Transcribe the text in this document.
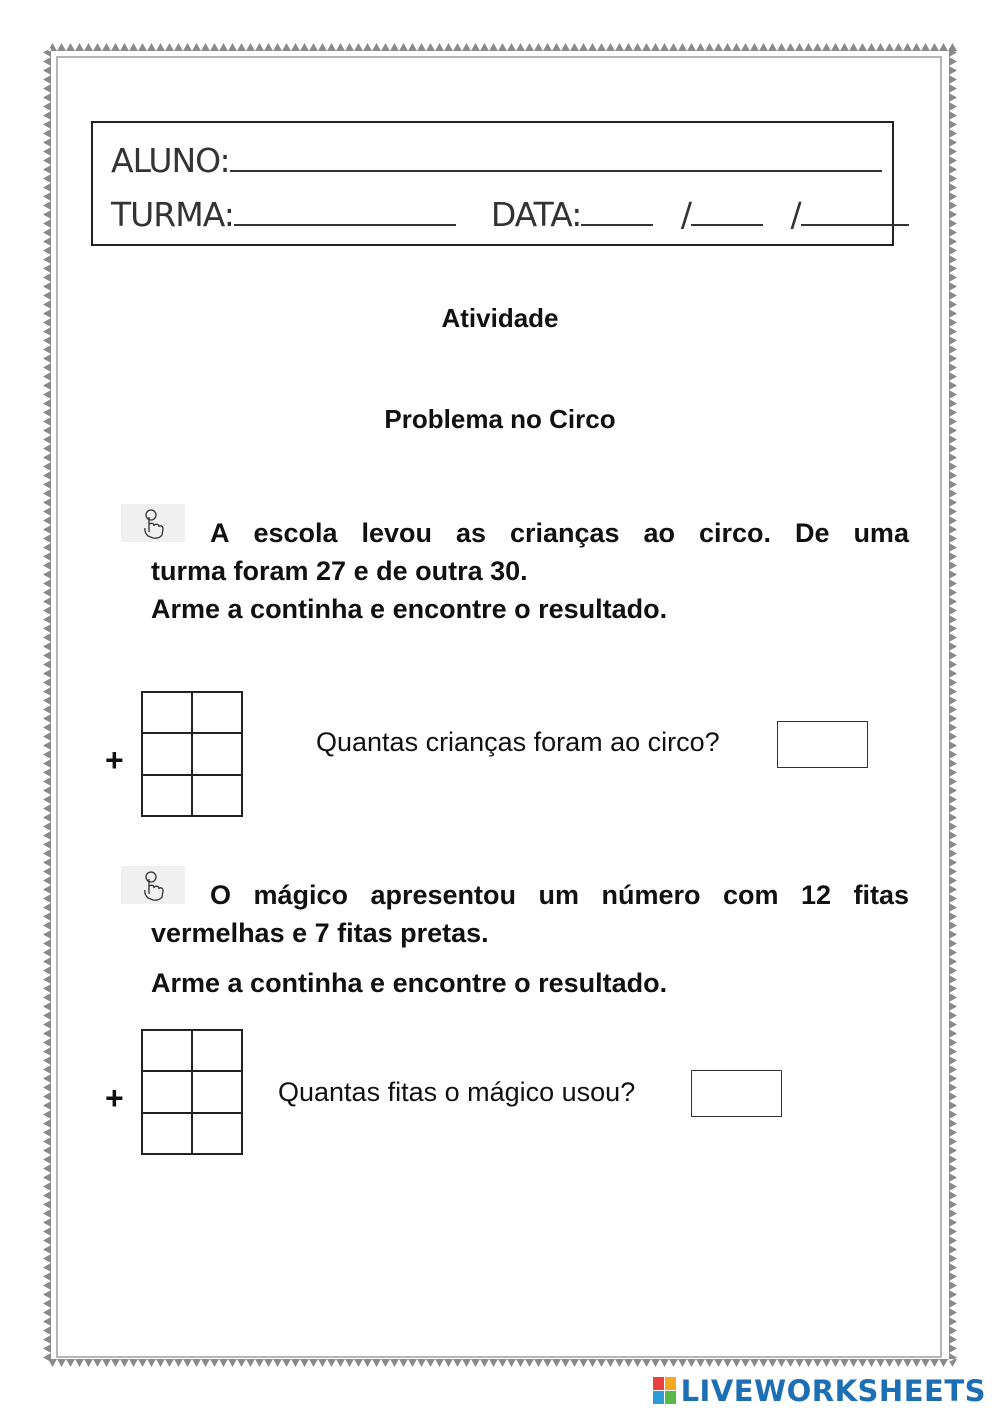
ALUNO:
TURMA:	DATA:	/	/
Atividade
Problema no Circo
A escola levou as crianças ao circo. De uma
turma foram 27 e de outra 30.
Arme a continha e encontre o resultado.
+	Quantas crianças foram ao circo?
O mágico apresentou um número com 12 fitas
vermelhas e 7 fitas pretas.
Arme a continha e encontre o resultado.
+	Quantas fitas o mágico usou?
LIVEWORKSHEETS
